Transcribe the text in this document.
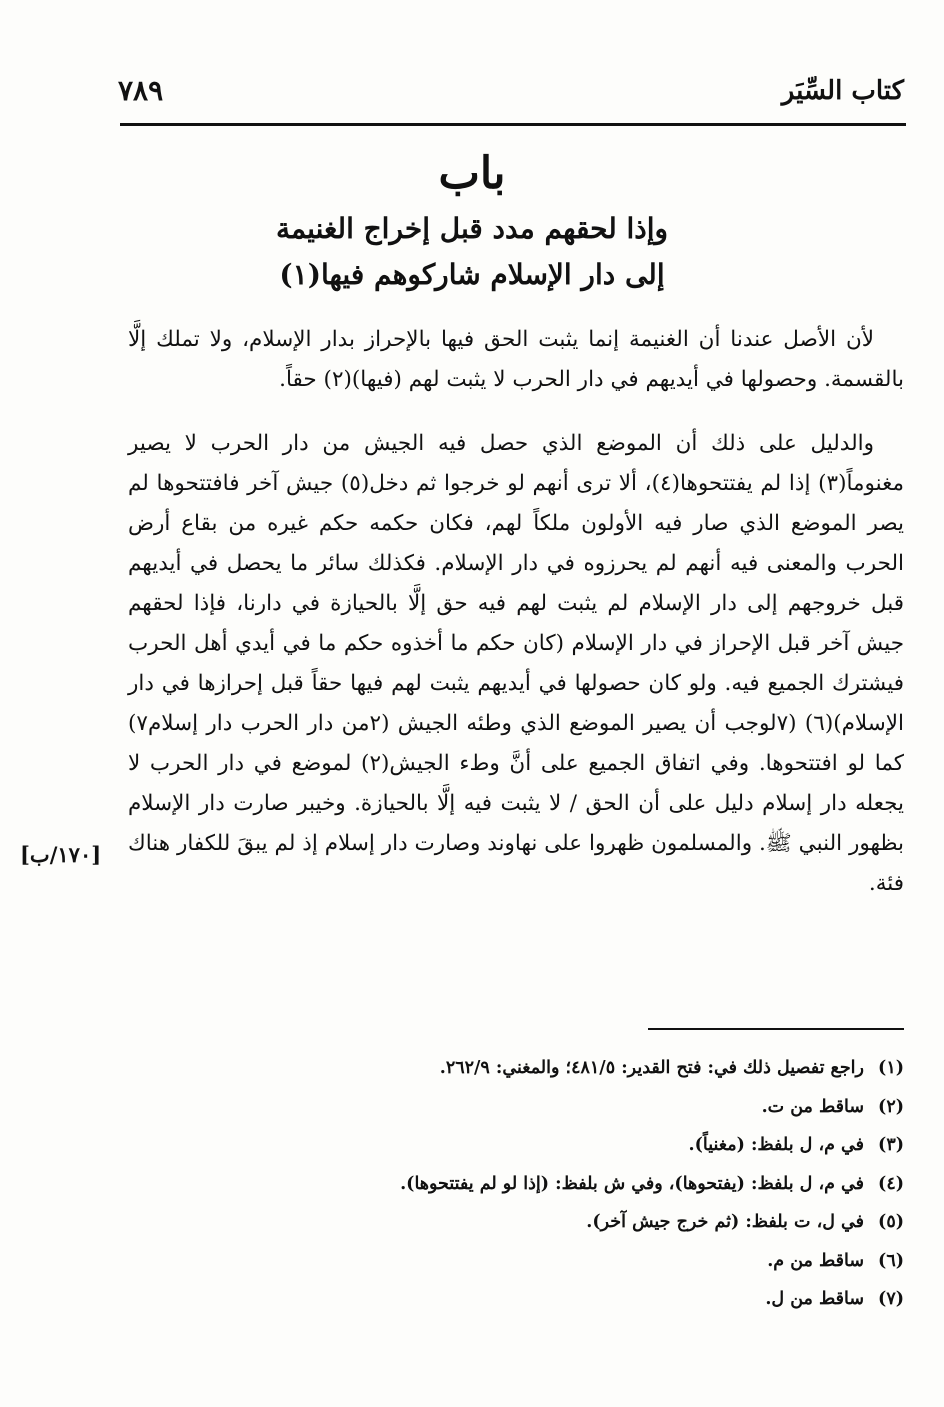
كتاب السِّيَر
٧٨٩
باب
وإذا لحقهم مدد قبل إخراج الغنيمة
إلى دار الإسلام شاركوهم فيها(١)

لأن الأصل عندنا أن الغنيمة إنما يثبت الحق فيها بالإحراز بدار الإسلام، ولا تملك إلَّا بالقسمة. وحصولها في أيديهم في دار الحرب لا يثبت لهم (فيها)(٢) حقاً.

والدليل على ذلك أن الموضع الذي حصل فيه الجيش من دار الحرب لا يصير مغنوماً(٣) إذا لم يفتتحوها(٤)، ألا ترى أنهم لو خرجوا ثم دخل(٥) جيش آخر فافتتحوها لم يصر الموضع الذي صار فيه الأولون ملكاً لهم، فكان حكمه حكم غيره من بقاع أرض الحرب والمعنى فيه أنهم لم يحرزوه في دار الإسلام. فكذلك سائر ما يحصل في أيديهم قبل خروجهم إلى دار الإسلام لم يثبت لهم فيه حق إلَّا بالحيازة في دارنا، فإذا لحقهم جيش آخر قبل الإحراز في دار الإسلام (كان حكم ما أخذوه حكم ما في أيدي أهل الحرب فيشترك الجميع فيه. ولو كان حصولها في أيديهم يثبت لهم فيها حقاً قبل إحرازها في دار الإسلام)(٦) (٧لوجب أن يصير الموضع الذي وطئه الجيش (٢من دار الحرب دار إسلام٧) كما لو افتتحوها. وفي اتفاق الجميع على أنَّ وطء الجيش(٢) لموضع في دار الحرب لا يجعله دار إسلام دليل على أن الحق / لا يثبت فيه إلَّا بالحيازة. وخيبر صارت دار الإسلام بظهور النبي ﷺ. والمسلمون ظهروا على نهاوند وصارت دار إسلام إذ لم يبقَ للكفار هناك فئة.

[١٧٠/ب]
(١)راجع تفصيل ذلك في: فتح القدير: ٤٨١/٥؛ والمغني: ٢٦٢/٩.
(٢)ساقط من ت.
(٣)في م، ل بلفظ: (مغنياً).
(٤)في م، ل بلفظ: (يفتحوها)، وفي ش بلفظ: (إذا لو لم يفتتحوها).
(٥)في ل، ت بلفظ: (ثم خرج جيش آخر).
(٦)ساقط من م.
(٧)ساقط من ل.
